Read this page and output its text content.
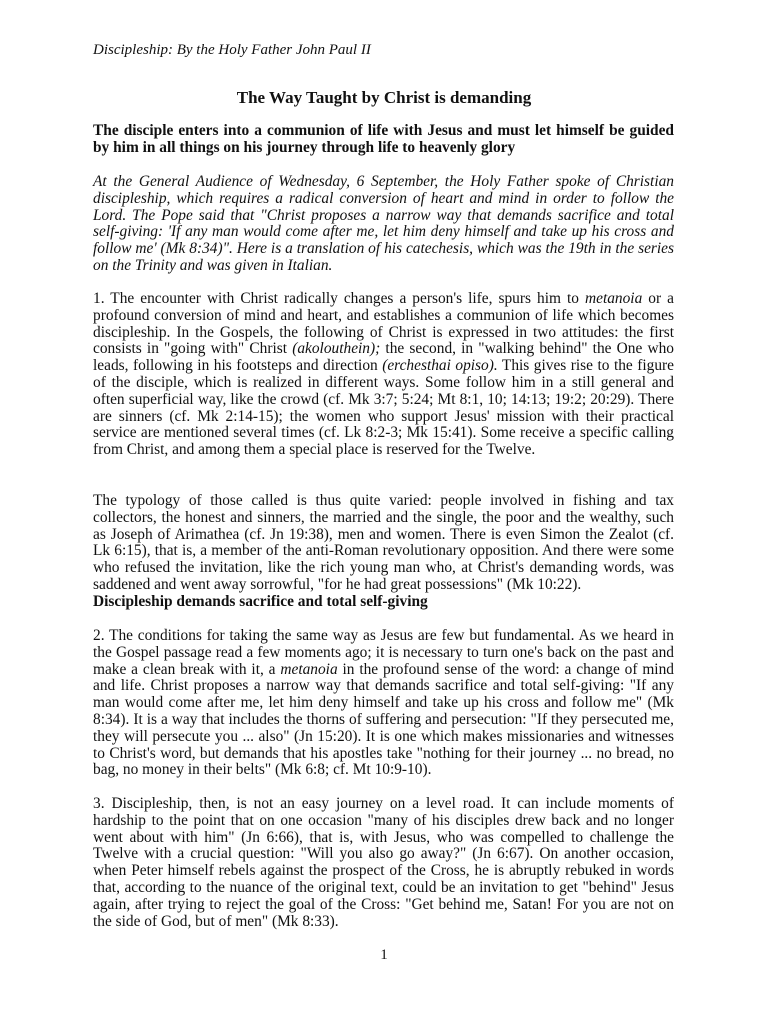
Discipleship: By the Holy Father John Paul II
The Way Taught by Christ is demanding
The disciple enters into a communion of life with Jesus and must let himself be guided by him in all things on his journey through life to heavenly glory
At the General Audience of Wednesday, 6 September, the Holy Father spoke of Christian discipleship, which requires a radical conversion of heart and mind in order to follow the Lord. The Pope said that "Christ proposes a narrow way that demands sacrifice and total self-giving: 'If any man would come after me, let him deny himself and take up his cross and follow me' (Mk 8:34)". Here is a translation of his catechesis, which was the 19th in the series on the Trinity and was given in Italian.
1. The encounter with Christ radically changes a person's life, spurs him to metanoia or a profound conversion of mind and heart, and establishes a communion of life which becomes discipleship. In the Gospels, the following of Christ is expressed in two attitudes: the first consists in "going with" Christ (akolouthein); the second, in "walking behind" the One who leads, following in his footsteps and direction (erchesthai opiso). This gives rise to the figure of the disciple, which is realized in different ways. Some follow him in a still general and often superficial way, like the crowd (cf. Mk 3:7; 5:24; Mt 8:1, 10; 14:13; 19:2; 20:29). There are sinners (cf. Mk 2:14-15); the women who support Jesus' mission with their practical service are mentioned several times (cf. Lk 8:2-3; Mk 15:41). Some receive a specific calling from Christ, and among them a special place is reserved for the Twelve.
The typology of those called is thus quite varied: people involved in fishing and tax collectors, the honest and sinners, the married and the single, the poor and the wealthy, such as Joseph of Arimathea (cf. Jn 19:38), men and women. There is even Simon the Zealot (cf. Lk 6:15), that is, a member of the anti-Roman revolutionary opposition. And there were some who refused the invitation, like the rich young man who, at Christ's demanding words, was saddened and went away sorrowful, "for he had great possessions" (Mk 10:22).
Discipleship demands sacrifice and total self-giving
2. The conditions for taking the same way as Jesus are few but fundamental. As we heard in the Gospel passage read a few moments ago; it is necessary to turn one's back on the past and make a clean break with it, a metanoia in the profound sense of the word: a change of mind and life. Christ proposes a narrow way that demands sacrifice and total self-giving: "If any man would come after me, let him deny himself and take up his cross and follow me" (Mk 8:34). It is a way that includes the thorns of suffering and persecution: "If they persecuted me, they will persecute you ... also" (Jn 15:20). It is one which makes missionaries and witnesses to Christ's word, but demands that his apostles take "nothing for their journey ... no bread, no bag, no money in their belts" (Mk 6:8; cf. Mt 10:9-10).
3. Discipleship, then, is not an easy journey on a level road. It can include moments of hardship to the point that on one occasion "many of his disciples drew back and no longer went about with him" (Jn 6:66), that is, with Jesus, who was compelled to challenge the Twelve with a crucial question: "Will you also go away?" (Jn 6:67). On another occasion, when Peter himself rebels against the prospect of the Cross, he is abruptly rebuked in words that, according to the nuance of the original text, could be an invitation to get "behind" Jesus again, after trying to reject the goal of the Cross: "Get behind me, Satan! For you are not on the side of God, but of men" (Mk 8:33).
1
